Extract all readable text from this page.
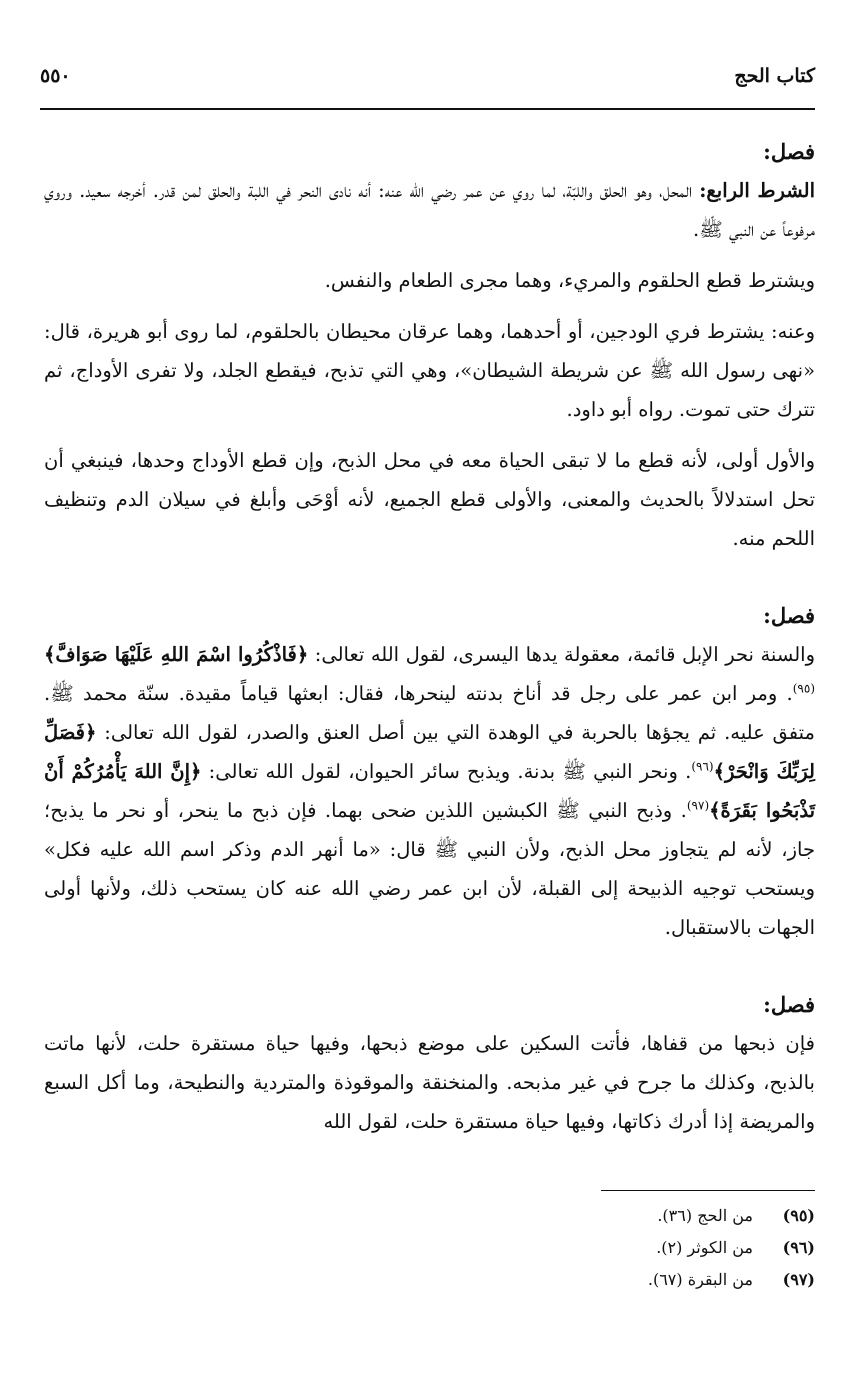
كتاب الحج
٥٥٠
فصل:

الشرط الرابع: المحل، وهو الحلق واللبّة، لما روي عن عمر رضي الله عنه: أنه نادى النحر في اللبة والحلق لمن قدر. أخرجه سعيد. وروي مرفوعاً عن النبي ﷺ.

ويشترط قطع الحلقوم والمريء، وهما مجرى الطعام والنفس.

وعنه: يشترط فري الودجين، أو أحدهما، وهما عرقان محيطان بالحلقوم، لما روى أبو هريرة، قال: «نهى رسول الله ﷺ عن شريطة الشيطان»، وهي التي تذبح، فيقطع الجلد، ولا تفرى الأوداج، ثم تترك حتى تموت. رواه أبو داود.

والأول أولى، لأنه قطع ما لا تبقى الحياة معه في محل الذبح، وإن قطع الأوداج وحدها، فينبغي أن تحل استدلالاً بالحديث والمعنى، والأولى قطع الجميع، لأنه أوْحَى وأبلغ في سيلان الدم وتنظيف اللحم منه.

فصل:

والسنة نحر الإبل قائمة، معقولة يدها اليسرى، لقول الله تعالى: ﴿فَاذْكُرُوا اسْمَ اللهِ عَلَيْهَا صَوَافَّ﴾$^{(٩٥)}$. ومر ابن عمر على رجل قد أناخ بدنته لينحرها، فقال: ابعثها قياماً مقيدة. سنّة محمد ﷺ. متفق عليه. ثم يجؤها بالحربة في الوهدة التي بين أصل العنق والصدر، لقول الله تعالى: ﴿فَصَلِّ لِرَبِّكَ وَانْحَرْ﴾$^{(٩٦)}$. ونحر النبي ﷺ بدنة. ويذبح سائر الحيوان، لقول الله تعالى: ﴿إِنَّ اللهَ يَأْمُرُكُمْ أَنْ تَذْبَحُوا بَقَرَةً﴾$^{(٩٧)}$. وذبح النبي ﷺ الكبشين اللذين ضحى بهما. فإن ذبح ما ينحر، أو نحر ما يذبح؛ جاز، لأنه لم يتجاوز محل الذبح، ولأن النبي ﷺ قال: «ما أنهر الدم وذكر اسم الله عليه فكل» ويستحب توجيه الذبيحة إلى القبلة، لأن ابن عمر رضي الله عنه كان يستحب ذلك، ولأنها أولى الجهات بالاستقبال.

فصل:

فإن ذبحها من قفاها، فأتت السكين على موضع ذبحها، وفيها حياة مستقرة حلت، لأنها ماتت بالذبح، وكذلك ما جرح في غير مذبحه. والمنخنقة والموقوذة والمتردية والنطيحة، وما أكل السبع والمريضة إذا أدرك ذكاتها، وفيها حياة مستقرة حلت، لقول الله

(٩٥)
من الحج (٣٦).
(٩٦)
من الكوثر (٢).
(٩٧)
من البقرة (٦٧).
